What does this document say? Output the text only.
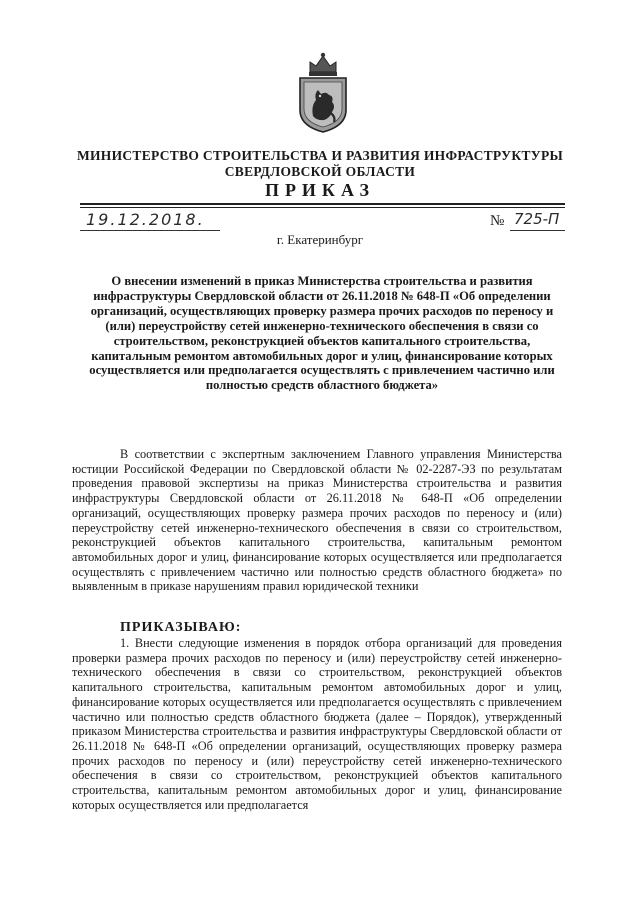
МИНИСТЕРСТВО СТРОИТЕЛЬСТВА И РАЗВИТИЯ ИНФРАСТРУКТУРЫ
СВЕРДЛОВСКОЙ ОБЛАСТИ
ПРИКАЗ
19.12.2018.	№ 725-П
г. Екатеринбург

О внесении изменений в приказ Министерства строительства и развития инфраструктуры Свердловской области от 26.11.2018 № 648-П «Об определении организаций, осуществляющих проверку размера прочих расходов по переносу и (или) переустройству сетей инженерно-технического обеспечения в связи со строительством, реконструкцией объектов капитального строительства, капитальным ремонтом автомобильных дорог и улиц, финансирование которых осуществляется или предполагается осуществлять с привлечением частично или полностью средств областного бюджета»

В соответствии с экспертным заключением Главного управления Министерства юстиции Российской Федерации по Свердловской области № 02-2287-ЭЗ по результатам проведения правовой экспертизы на приказ Министерства строительства и развития инфраструктуры Свердловской области от 26.11.2018 № 648-П «Об определении организаций, осуществляющих проверку размера прочих расходов по переносу и (или) переустройству сетей инженерно-технического обеспечения в связи со строительством, реконструкцией объектов капитального строительства, капитальным ремонтом автомобильных дорог и улиц, финансирование которых осуществляется или предполагается осуществлять с привлечением частично или полностью средств областного бюджета» по выявленным в приказе нарушениям правил юридической техники

ПРИКАЗЫВАЮ:

1. Внести следующие изменения в порядок отбора организаций для проведения проверки размера прочих расходов по переносу и (или) переустройству сетей инженерно-технического обеспечения в связи со строительством, реконструкцией объектов капитального строительства, капитальным ремонтом автомобильных дорог и улиц, финансирование которых осуществляется или предполагается осуществлять с привлечением частично или полностью средств областного бюджета (далее – Порядок), утвержденный приказом Министерства строительства и развития инфраструктуры Свердловской области от 26.11.2018 № 648-П «Об определении организаций, осуществляющих проверку размера прочих расходов по переносу и (или) переустройству сетей инженерно-технического обеспечения в связи со строительством, реконструкцией объектов капитального строительства, капитальным ремонтом автомобильных дорог и улиц, финансирование которых осуществляется или предполагается
